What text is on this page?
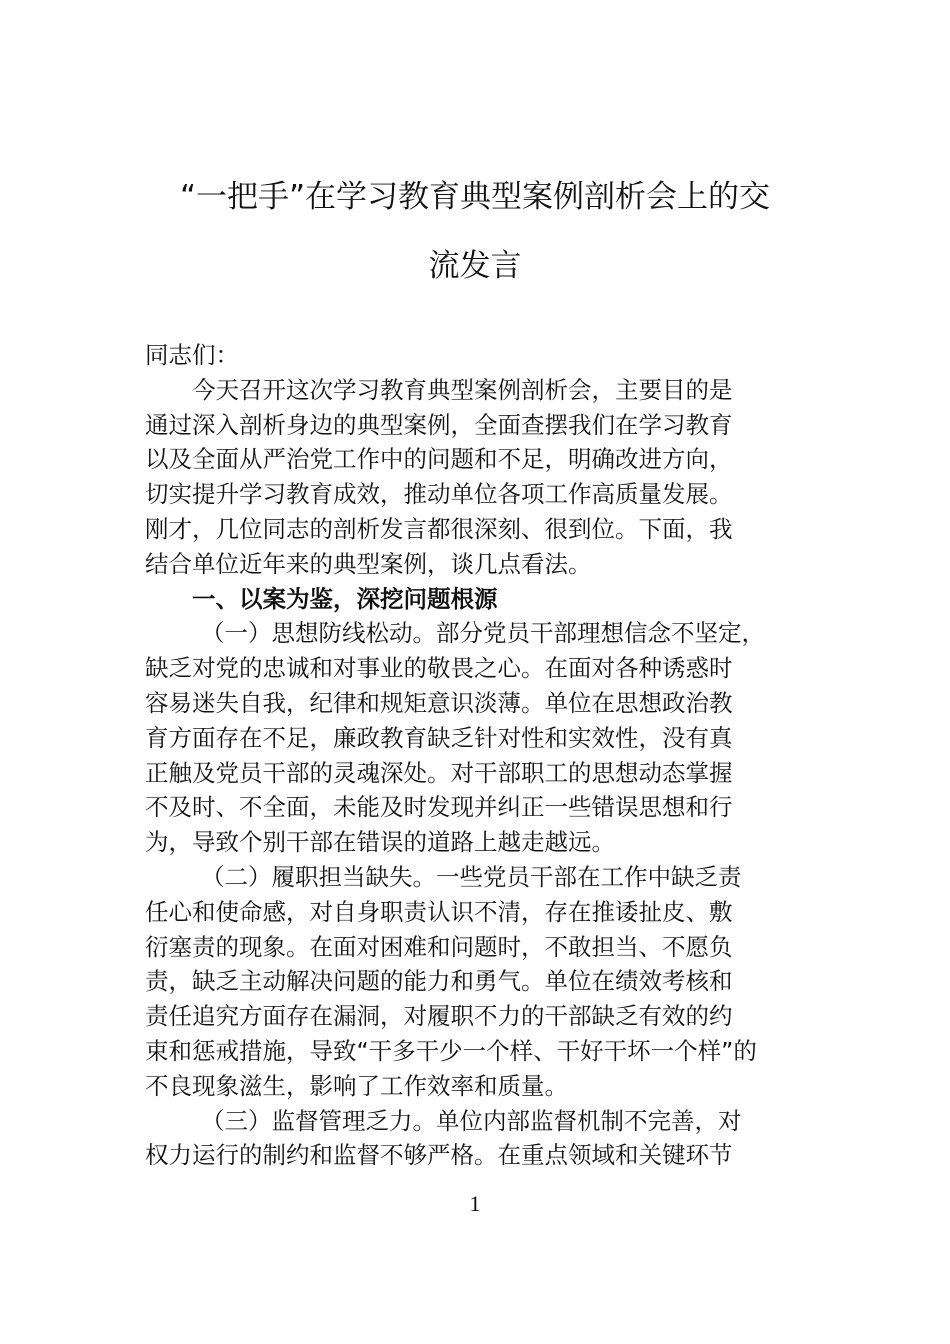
“一把手”在学习教育典型案例剖析会上的交
流发言
同志们：
今天召开这次学习教育典型案例剖析会，主要目的是
通过深入剖析身边的典型案例，全面查摆我们在学习教育
以及全面从严治党工作中的问题和不足，明确改进方向，
切实提升学习教育成效，推动单位各项工作高质量发展。
刚才，几位同志的剖析发言都很深刻、很到位。下面，我
结合单位近年来的典型案例，谈几点看法。
一、以案为鉴，深挖问题根源
（一）思想防线松动。部分党员干部理想信念不坚定，
缺乏对党的忠诚和对事业的敬畏之心。在面对各种诱惑时
容易迷失自我，纪律和规矩意识淡薄。单位在思想政治教
育方面存在不足，廉政教育缺乏针对性和实效性，没有真
正触及党员干部的灵魂深处。对干部职工的思想动态掌握
不及时、不全面，未能及时发现并纠正一些错误思想和行
为，导致个别干部在错误的道路上越走越远。
（二）履职担当缺失。一些党员干部在工作中缺乏责
任心和使命感，对自身职责认识不清，存在推诿扯皮、敷
衍塞责的现象。在面对困难和问题时，不敢担当、不愿负
责，缺乏主动解决问题的能力和勇气。单位在绩效考核和
责任追究方面存在漏洞，对履职不力的干部缺乏有效的约
束和惩戒措施，导致“干多干少一个样、干好干坏一个样”的
不良现象滋生，影响了工作效率和质量。
（三）监督管理乏力。单位内部监督机制不完善，对
权力运行的制约和监督不够严格。在重点领域和关键环节
1
